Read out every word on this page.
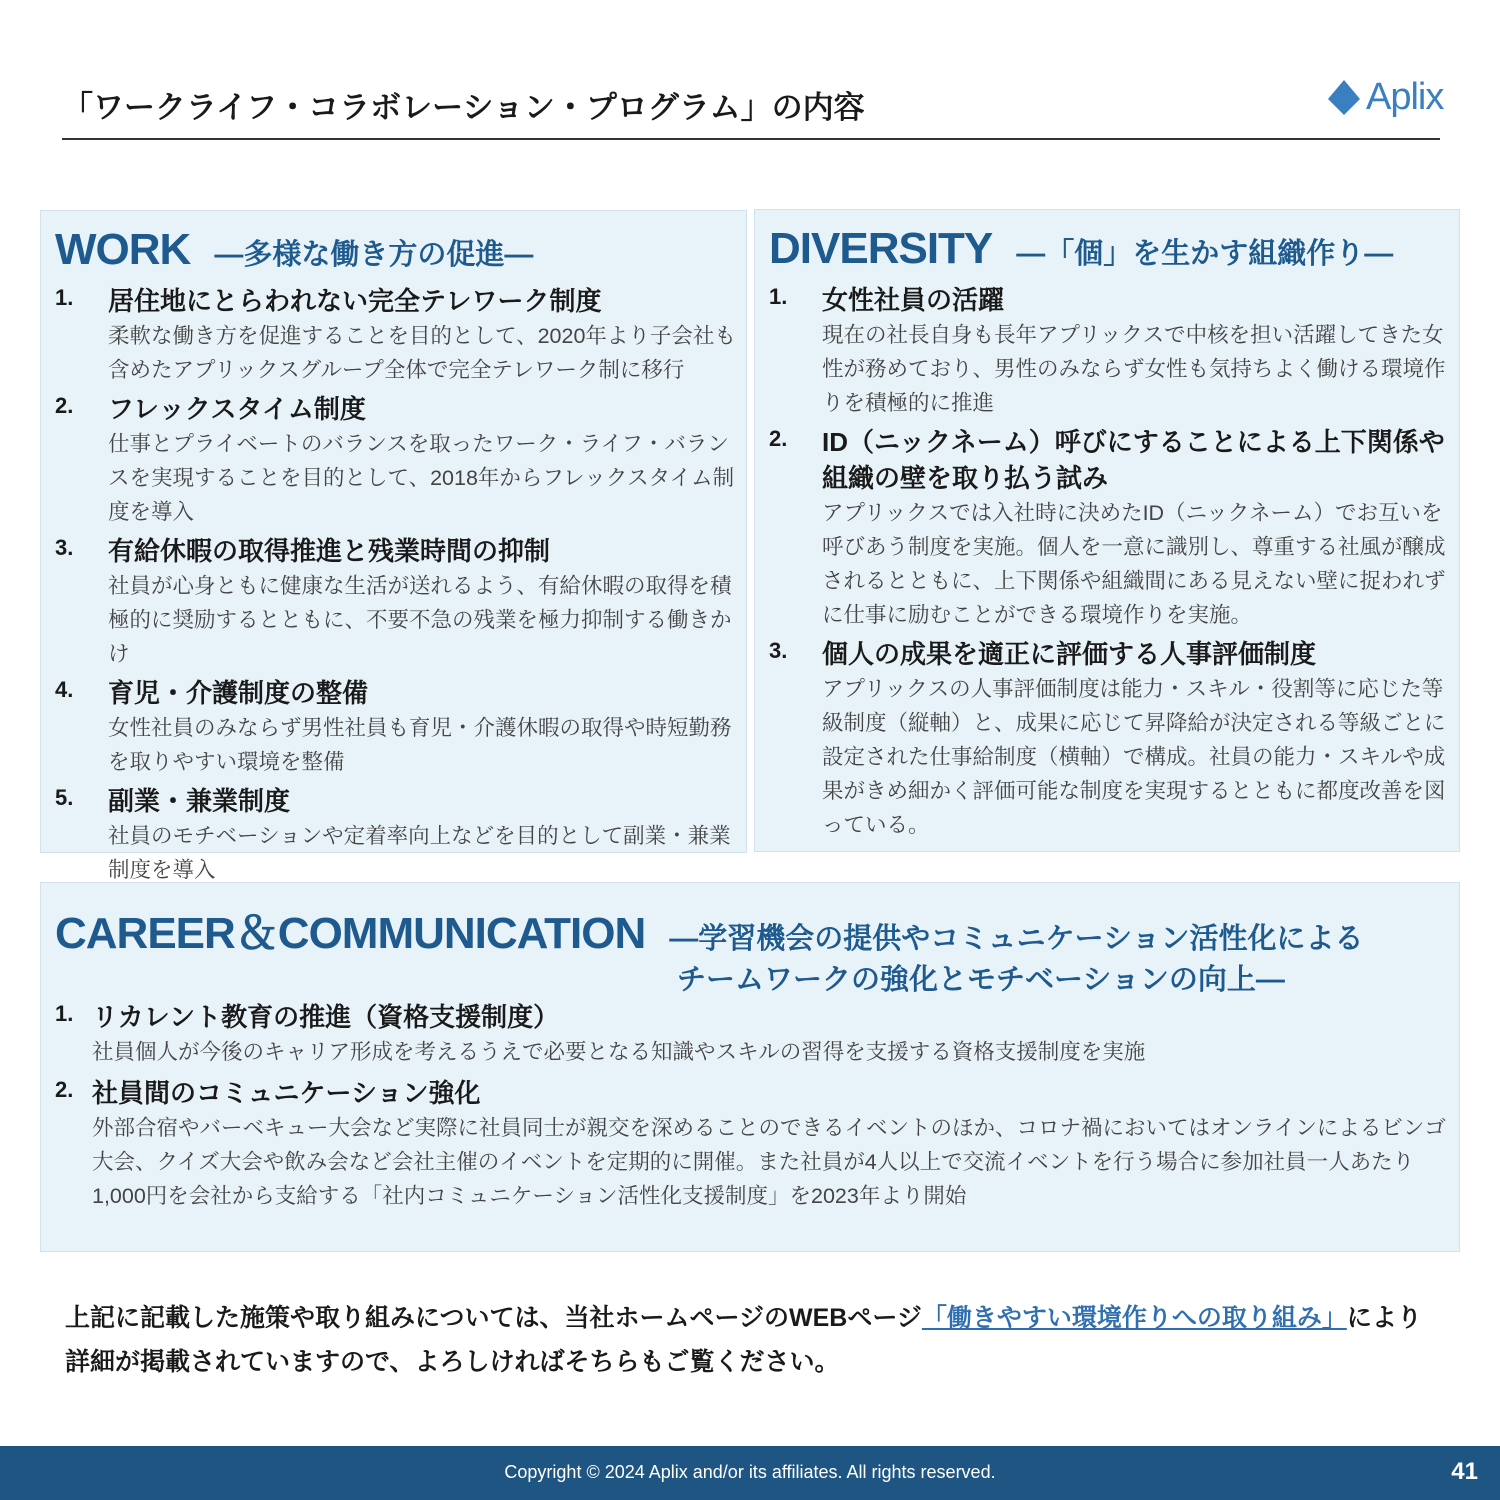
「ワークライフ・コラボレーション・プログラム」の内容	Aplix
WORK ―多様な働き方の促進―
1. 居住地にとらわれない完全テレワーク制度
柔軟な働き方を促進することを目的として、2020年より子会社も含めたアプリックスグループ全体で完全テレワーク制に移行
2. フレックスタイム制度
仕事とプライベートのバランスを取ったワーク・ライフ・バランスを実現することを目的として、2018年からフレックスタイム制度を導入
3. 有給休暇の取得推進と残業時間の抑制
社員が心身ともに健康な生活が送れるよう、有給休暇の取得を積極的に奨励するとともに、不要不急の残業を極力抑制する働きかけ
4. 育児・介護制度の整備
女性社員のみならず男性社員も育児・介護休暇の取得や時短勤務を取りやすい環境を整備
5. 副業・兼業制度
社員のモチベーションや定着率向上などを目的として副業・兼業制度を導入
DIVERSITY ―「個」を生かす組織作り―
1. 女性社員の活躍
現在の社長自身も長年アプリックスで中核を担い活躍してきた女性が務めており、男性のみならず女性も気持ちよく働ける環境作りを積極的に推進
2. ID（ニックネーム）呼びにすることによる上下関係や組織の壁を取り払う試み
アプリックスでは入社時に決めたID（ニックネーム）でお互いを呼びあう制度を実施。個人を一意に識別し、尊重する社風が醸成されるとともに、上下関係や組織間にある見えない壁に捉われずに仕事に励むことができる環境作りを実施。
3. 個人の成果を適正に評価する人事評価制度
アプリックスの人事評価制度は能力・スキル・役割等に応じた等級制度（縦軸）と、成果に応じて昇降給が決定される等級ごとに設定された仕事給制度（横軸）で構成。社員の能力・スキルや成果がきめ細かく評価可能な制度を実現するとともに都度改善を図っている。
CAREER＆COMMUNICATION ―学習機会の提供やコミュニケーション活性化による
チームワークの強化とモチベーションの向上―
1. リカレント教育の推進（資格支援制度）
社員個人が今後のキャリア形成を考えるうえで必要となる知識やスキルの習得を支援する資格支援制度を実施
2. 社員間のコミュニケーション強化
外部合宿やバーベキュー大会など実際に社員同士が親交を深めることのできるイベントのほか、コロナ禍においてはオンラインによるビンゴ大会、クイズ大会や飲み会など会社主催のイベントを定期的に開催。また社員が4人以上で交流イベントを行う場合に参加社員一人あたり1,000円を会社から支給する「社内コミュニケーション活性化支援制度」を2023年より開始
上記に記載した施策や取り組みについては、当社ホームページのWEBページ「働きやすい環境作りへの取り組み」により詳細が掲載されていますので、よろしければそちらもご覧ください。
Copyright © 2024 Aplix and/or its affiliates. All rights reserved.	41
